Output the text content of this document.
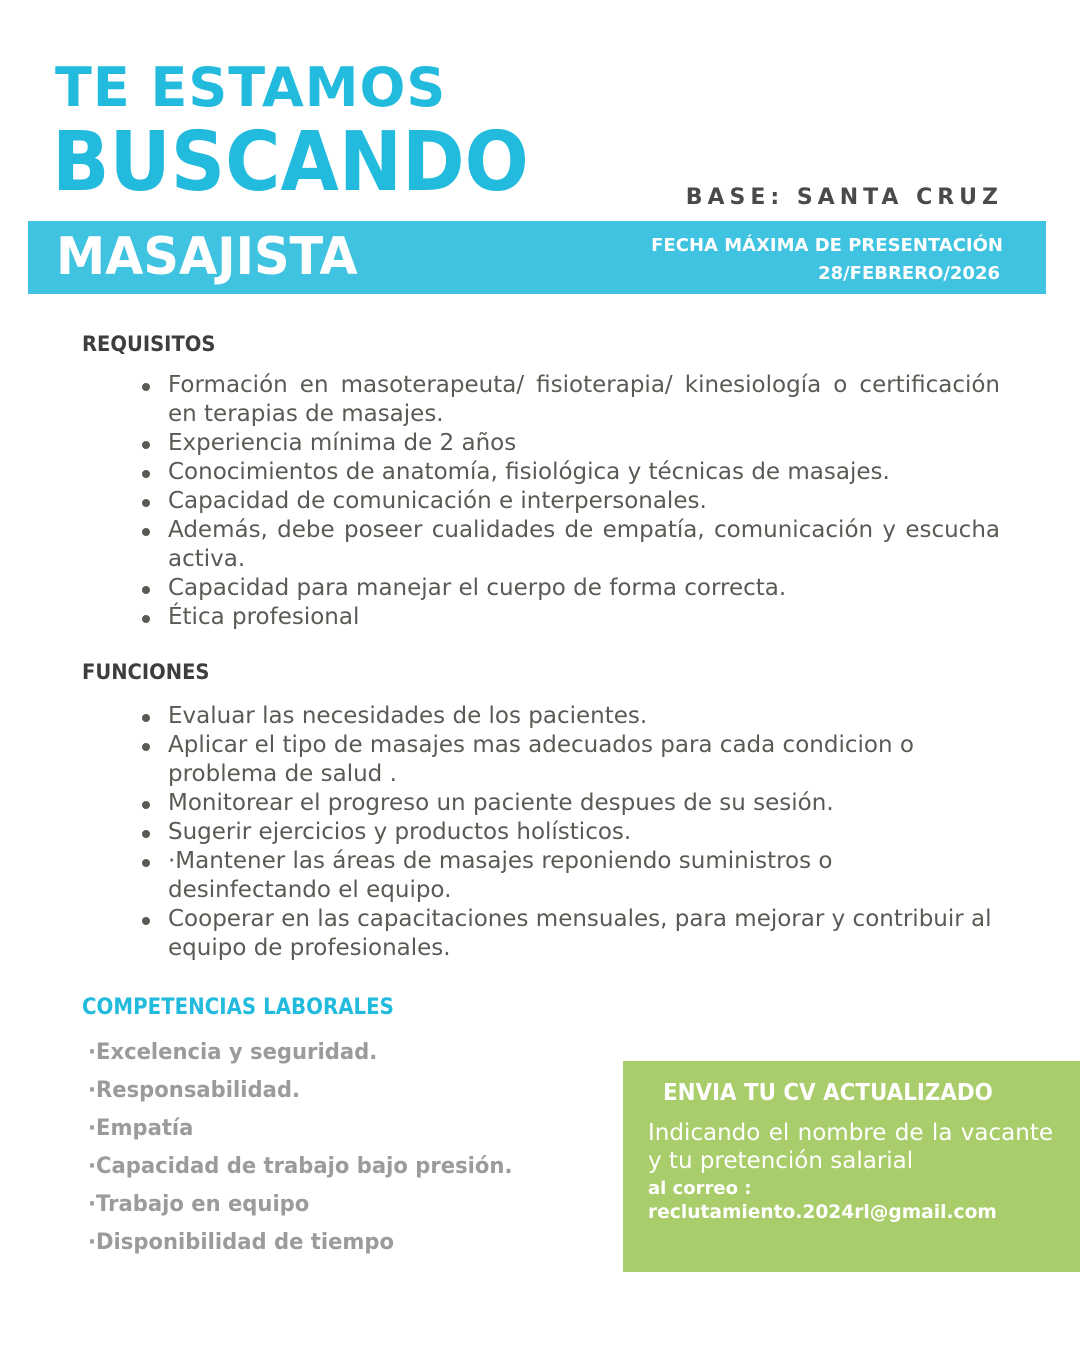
TE ESTAMOS
BUSCANDO	BASE: SANTA CRUZ
MASAJISTA	FECHA MÁXIMA DE PRESENTACIÓN
28/FEBRERO/2026
REQUISITOS
Formación en masoterapeuta/ fisioterapia/ kinesiología o certificación en terapias de masajes.
Experiencia mínima de 2 años
Conocimientos de anatomía, fisiológica y técnicas de masajes.
Capacidad de comunicación e interpersonales.
Además, debe poseer cualidades de empatía, comunicación y escucha activa.
Capacidad para manejar el cuerpo de forma correcta.
Ética profesional
FUNCIONES
Evaluar las necesidades de los pacientes.
Aplicar el tipo de masajes mas adecuados para cada condicion o problema de salud .
Monitorear el progreso un paciente despues de su sesión.
Sugerir ejercicios y productos holísticos.
·Mantener las áreas de masajes reponiendo suministros o desinfectando el equipo.
Cooperar en las capacitaciones mensuales, para mejorar y contribuir al equipo de profesionales.
COMPETENCIAS LABORALES
·Excelencia y seguridad.
·Responsabilidad.
·Empatía
·Capacidad de trabajo bajo presión.
·Trabajo en equipo
·Disponibilidad de tiempo
ENVIA TU CV ACTUALIZADO
Indicando el nombre de la vacante y tu pretención salarial
al correo :
reclutamiento.2024rl@gmail.com
